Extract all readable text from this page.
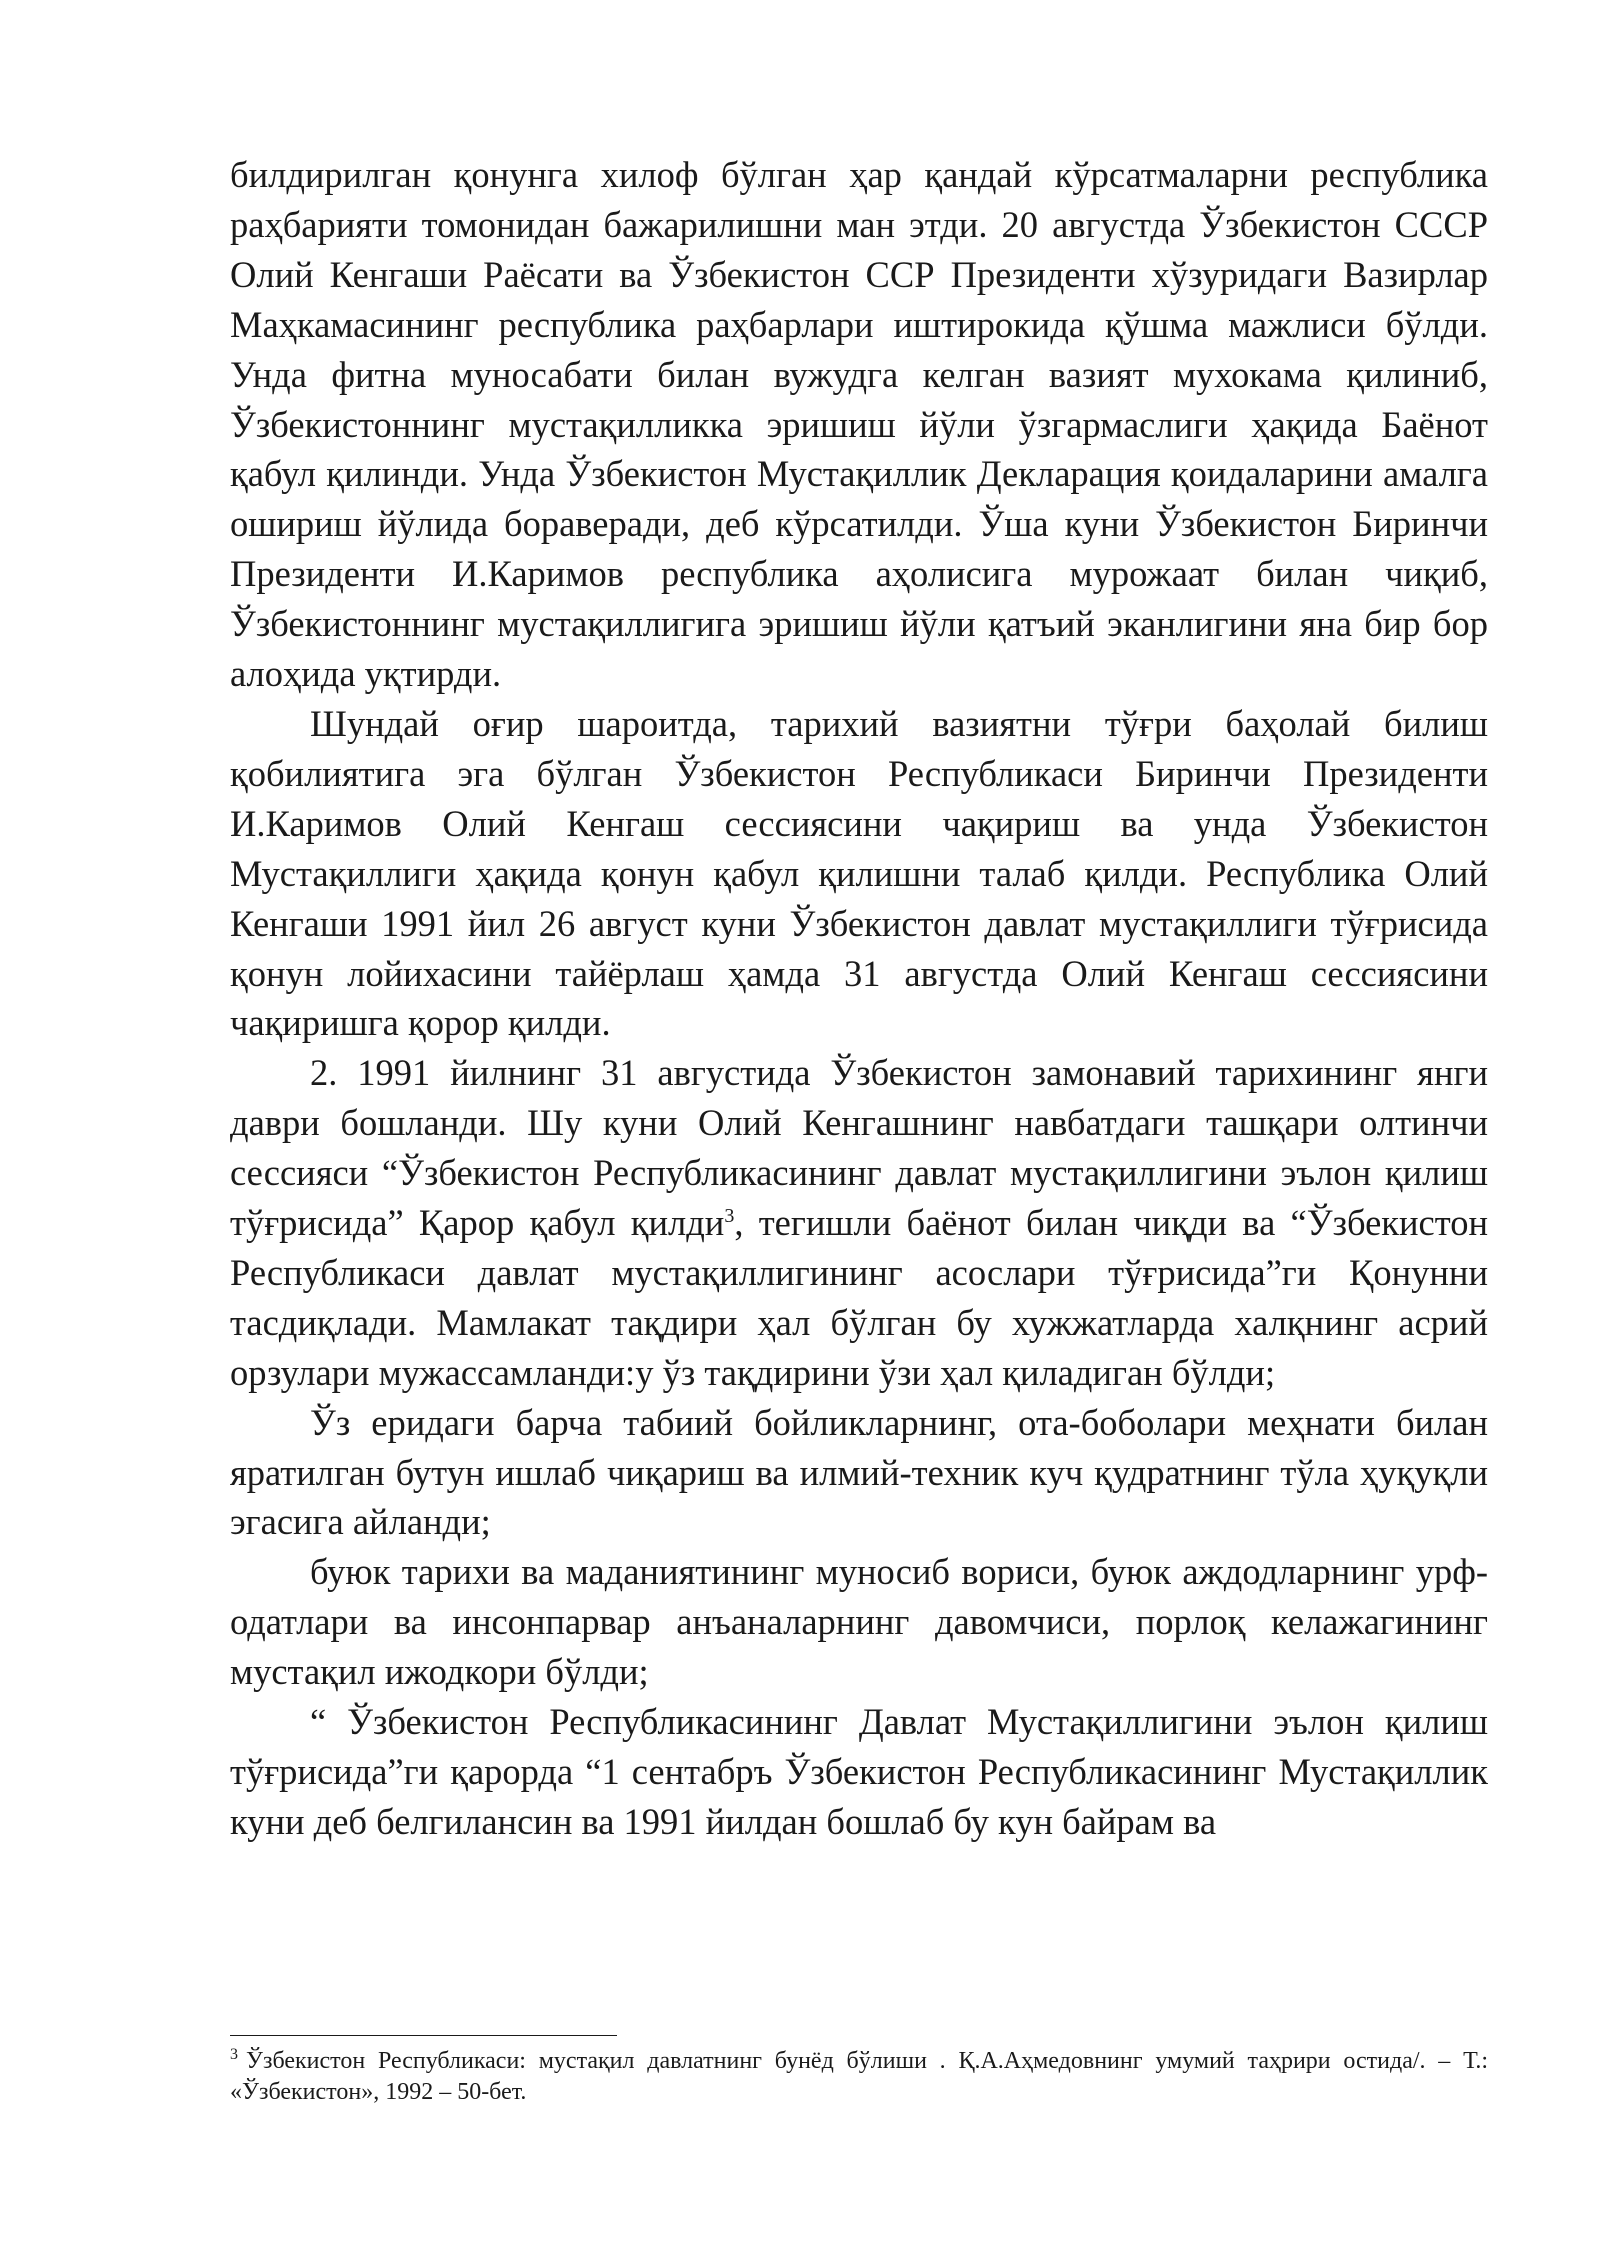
билдирилган қонунга хилоф бўлган ҳар қандай кўрсатмаларни республика раҳбарияти томонидан бажарилишни ман этди. 20 августда Ўзбекистон ССCР Олий Кенгаши Раёсати ва Ўзбекистон ССР Президенти хўзуридаги Вазирлар Маҳкамасининг республика раҳбарлари иштирокида қўшма мажлиси бўлди. Унда фитна муносабати билан вужудга келган вазият мухокама қилиниб, Ўзбекистоннинг мустақилликка эришиш йўли ўзгармаслиги ҳақида Баёнот қабул қилинди. Унда Ўзбекистон Мустақиллик Декларация қоидаларини амалга ошириш йўлида бораверади, деб кўрсатилди. Ўша куни Ўзбекистон Биринчи Президенти И.Каримов республика аҳолисига мурожаат билан чиқиб, Ўзбекистоннинг мустақиллигига эришиш йўли қатъий эканлигини яна бир бор алоҳида уқтирди.

Шундай оғир шароитда, тарихий вазиятни тўғри баҳолай билиш қобилиятига эга бўлган Ўзбекистон Республикаси Биринчи Президенти И.Каримов Олий Кенгаш сессиясини чақириш ва унда Ўзбекистон Мустақиллиги ҳақида қонун қабул қилишни талаб қилди. Республика Олий Кенгаши 1991 йил 26 август куни Ўзбекистон давлат мустақиллиги тўғрисида қонун лойихасини тайёрлаш ҳамда 31 августда Олий Кенгаш сессиясини чақиришга қорор қилди.

2. 1991 йилнинг 31 августида Ўзбекистон замонавий тарихининг янги даври бошланди. Шу куни Олий Кенгашнинг навбатдаги ташқари олтинчи сессияси “Ўзбекистон Республикасининг давлат мустақиллигини эълон қилиш тўғрисида” Қарор қабул қилди$^3$, тегишли баёнот билан чиқди ва “Ўзбекистон Республикаси давлат мустақиллигининг асослари тўғрисида”ги Қонунни тасдиқлади. Мамлакат тақдири ҳал бўлган бу хужжатларда халқнинг асрий орзулари мужассамланди:у ўз тақдирини ўзи ҳал қиладиган бўлди;

Ўз еридаги барча табиий бойликларнинг, ота-боболари меҳнати билан яратилган бутун ишлаб чиқариш ва илмий-техник куч қудратнинг тўла ҳуқуқли эгасига айланди;

буюк тарихи ва маданиятининг муносиб вориси, буюк аждодларнинг урф-одатлари ва инсонпарвар анъаналарнинг давомчиси, порлоқ келажагининг мустақил ижодкори бўлди;

“ Ўзбекистон Республикасининг Давлат Мустақиллигини эълон қилиш тўғрисида”ги қарорда “1 сентабръ Ўзбекистон Республикасининг Мустақиллик куни деб белгилансин ва 1991 йилдан бошлаб бу кун байрам ва

$^3$ Ўзбекистон Республикаси: мустақил давлатнинг бунёд бўлиши . Қ.А.Аҳмедовнинг умумий таҳрири остида/. – Т.: «Ўзбекистон», 1992 – 50-бет.
